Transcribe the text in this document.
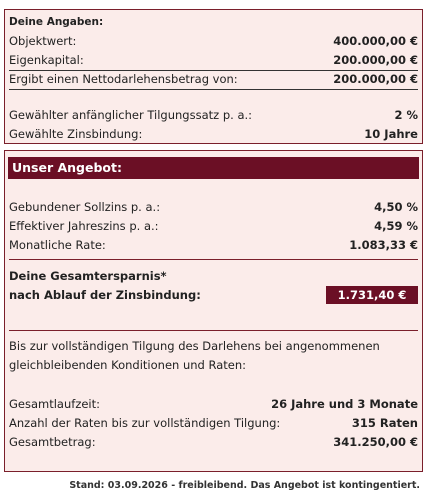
Deine Angaben:
Objektwert:	400.000,00 €
Eigenkapital:	200.000,00 €
Ergibt einen Nettodarlehensbetrag von:	200.000,00 €
Gewählter anfänglicher Tilgungssatz p. a.:	2 %
Gewählte Zinsbindung:	10 Jahre
Unser Angebot:
Gebundener Sollzins p. a.:	4,50 %
Effektiver Jahreszins p. a.:	4,59 %
Monatliche Rate:	1.083,33 €
Deine Gesamtersparnis*
nach Ablauf der Zinsbindung:	1.731,40 €
Bis zur vollständigen Tilgung des Darlehens bei angenommenen
gleichbleibenden Konditionen und Raten:
Gesamtlaufzeit:	26 Jahre und 3 Monate
Anzahl der Raten bis zur vollständigen Tilgung:	315 Raten
Gesamtbetrag:	341.250,00 €
Stand: 03.09.2026 - freibleibend. Das Angebot ist kontingentiert.
